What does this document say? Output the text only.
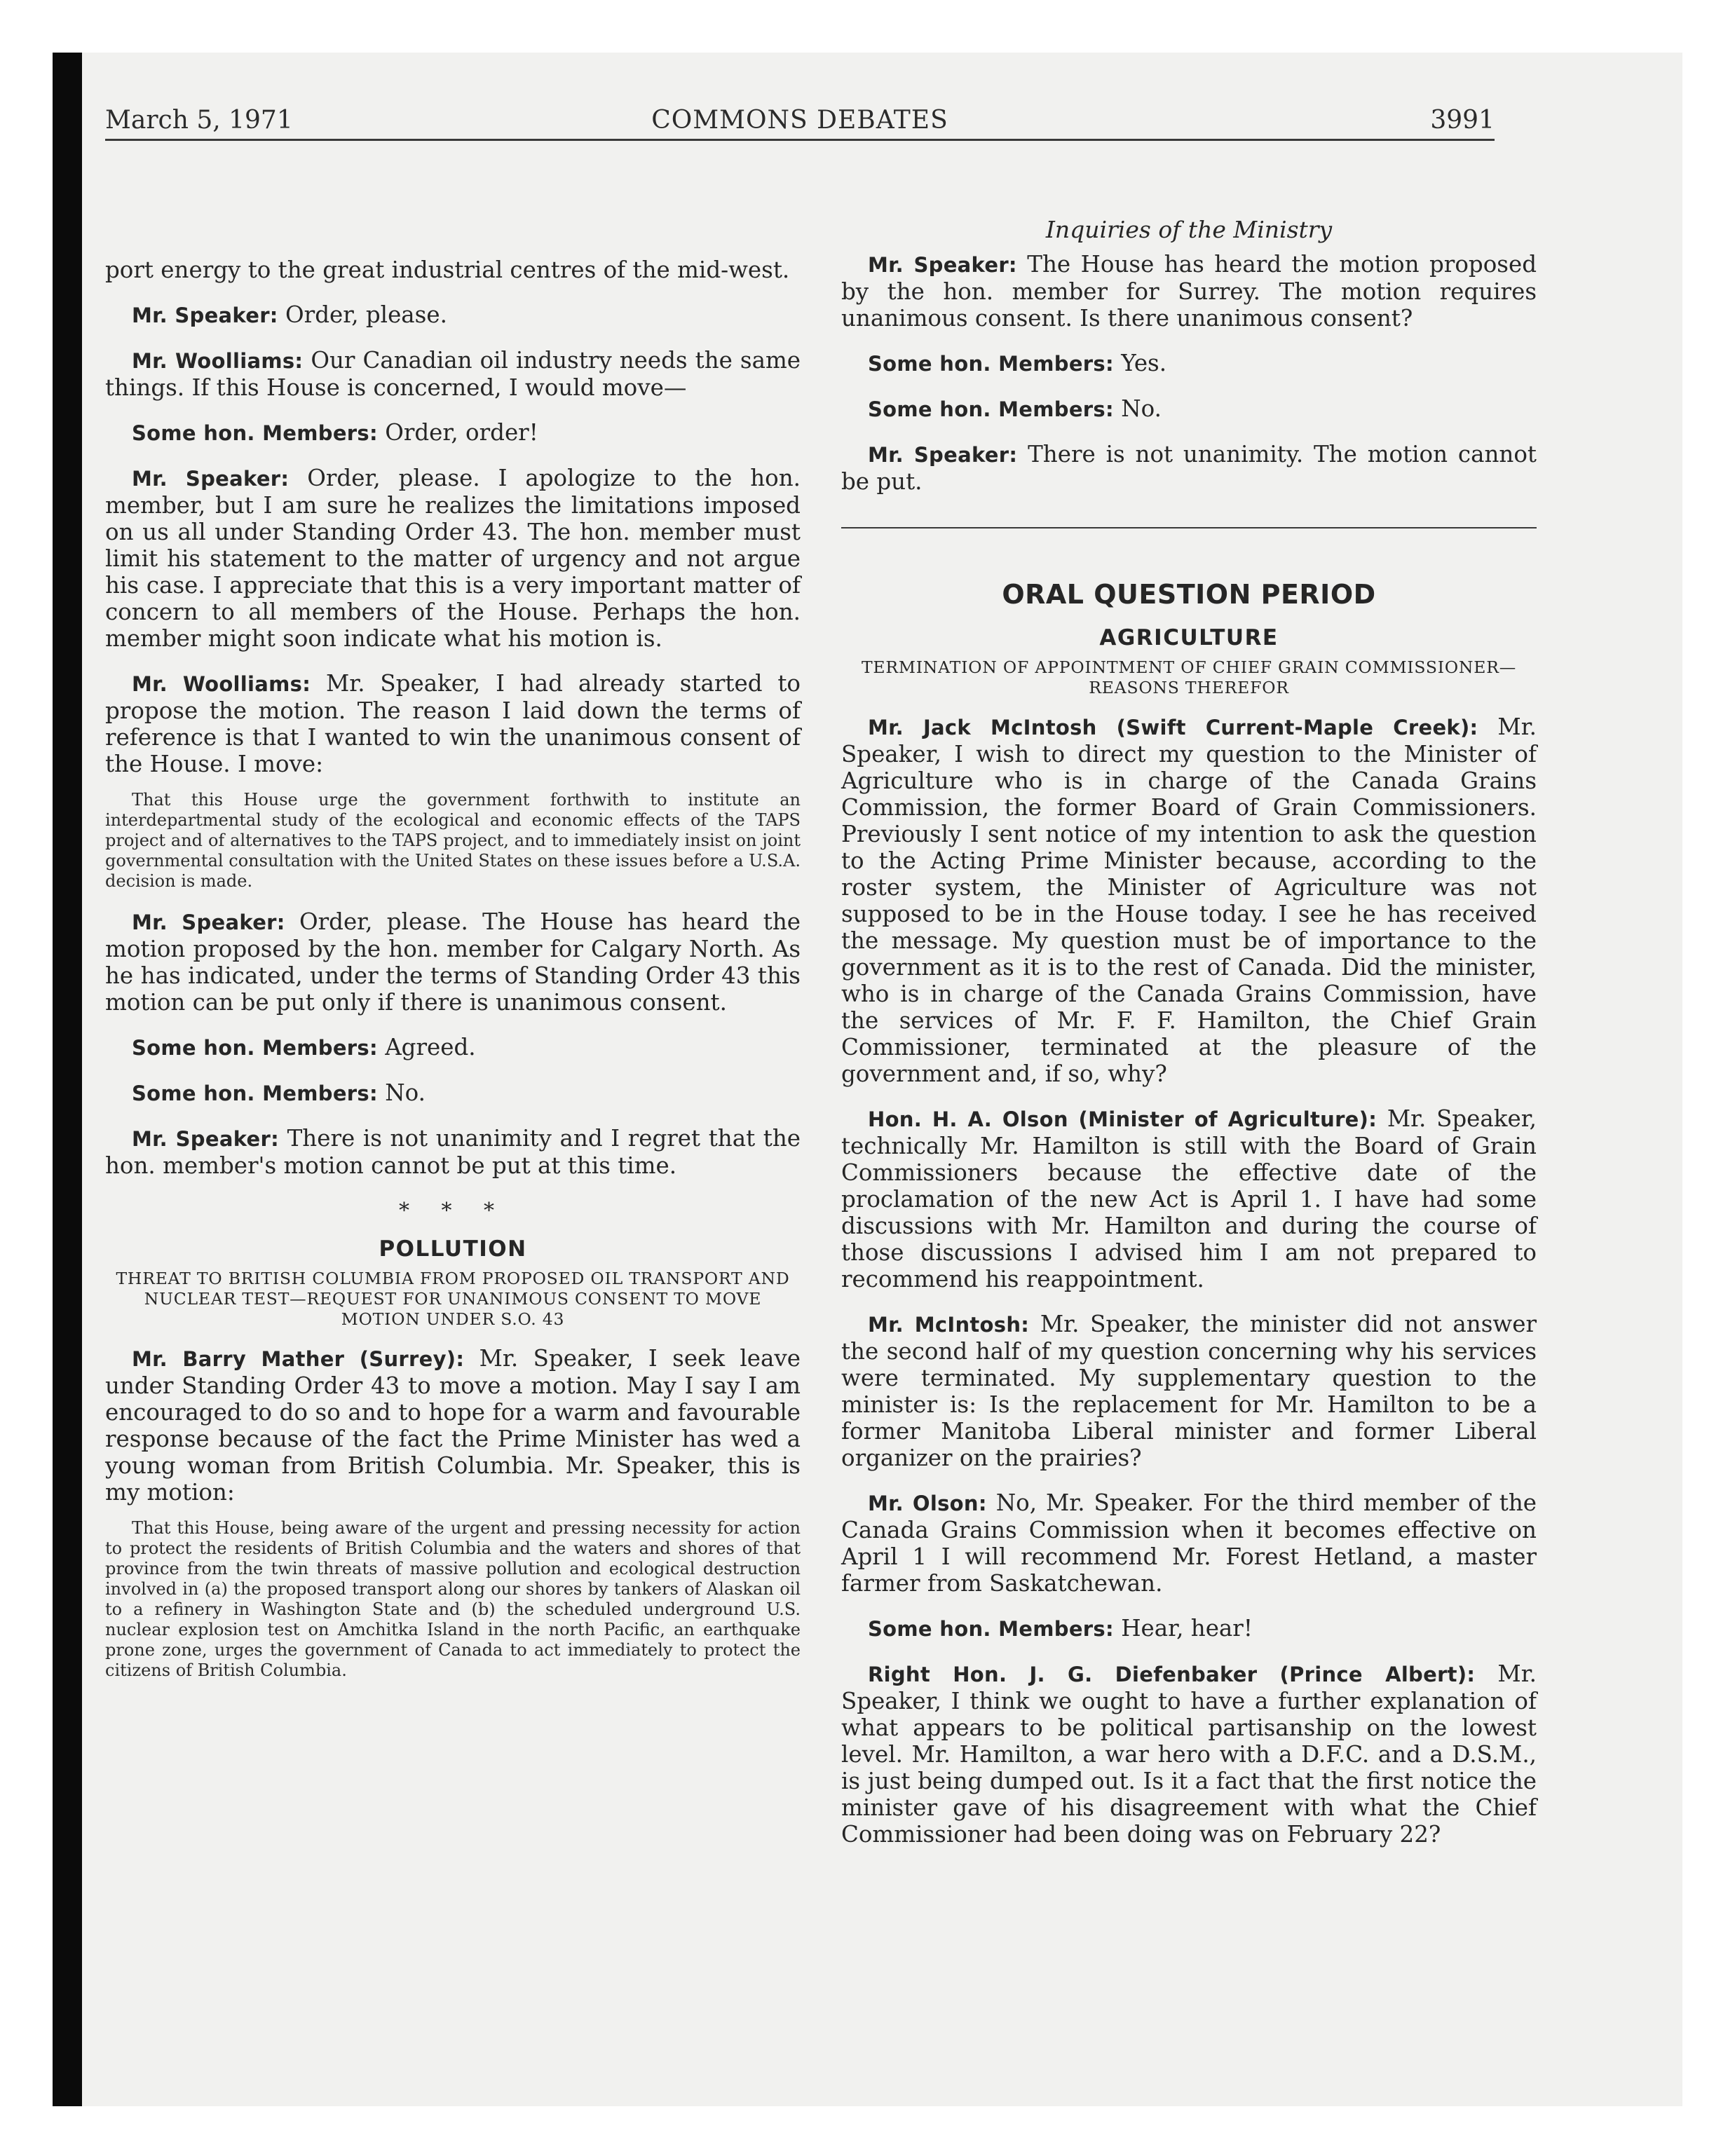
March 5, 1971	COMMONS DEBATES	3991

port energy to the great industrial centres of the mid-west.

Mr. Speaker: Order, please.

Mr. Woolliams: Our Canadian oil industry needs the same things. If this House is concerned, I would move—

Some hon. Members: Order, order!

Mr. Speaker: Order, please. I apologize to the hon. member, but I am sure he realizes the limitations imposed on us all under Standing Order 43. The hon. member must limit his statement to the matter of urgency and not argue his case. I appreciate that this is a very important matter of concern to all members of the House. Perhaps the hon. member might soon indicate what his motion is.

Mr. Woolliams: Mr. Speaker, I had already started to propose the motion. The reason I laid down the terms of reference is that I wanted to win the unanimous consent of the House. I move:

That this House urge the government forthwith to institute an interdepartmental study of the ecological and economic effects of the TAPS project and of alternatives to the TAPS project, and to immediately insist on joint governmental consultation with the United States on these issues before a U.S.A. decision is made.

Mr. Speaker: Order, please. The House has heard the motion proposed by the hon. member for Calgary North. As he has indicated, under the terms of Standing Order 43 this motion can be put only if there is unanimous consent.

Some hon. Members: Agreed.

Some hon. Members: No.

Mr. Speaker: There is not unanimity and I regret that the hon. member's motion cannot be put at this time.

* * *
POLLUTION
THREAT TO BRITISH COLUMBIA FROM PROPOSED OIL TRANSPORT AND NUCLEAR TEST—REQUEST FOR UNANIMOUS CONSENT TO MOVE MOTION UNDER S.O. 43

Mr. Barry Mather (Surrey): Mr. Speaker, I seek leave under Standing Order 43 to move a motion. May I say I am encouraged to do so and to hope for a warm and favourable response because of the fact the Prime Minister has wed a young woman from British Columbia. Mr. Speaker, this is my motion:

That this House, being aware of the urgent and pressing necessity for action to protect the residents of British Columbia and the waters and shores of that province from the twin threats of massive pollution and ecological destruction involved in (a) the proposed transport along our shores by tankers of Alaskan oil to a refinery in Washington State and (b) the scheduled underground U.S. nuclear explosion test on Amchitka Island in the north Pacific, an earthquake prone zone, urges the government of Canada to act immediately to protect the citizens of British Columbia.

Inquiries of the Ministry

Mr. Speaker: The House has heard the motion proposed by the hon. member for Surrey. The motion requires unanimous consent. Is there unanimous consent?

Some hon. Members: Yes.

Some hon. Members: No.

Mr. Speaker: There is not unanimity. The motion cannot be put.

ORAL QUESTION PERIOD
AGRICULTURE
TERMINATION OF APPOINTMENT OF CHIEF GRAIN COMMISSIONER—REASONS THEREFOR

Mr. Jack McIntosh (Swift Current-Maple Creek): Mr. Speaker, I wish to direct my question to the Minister of Agriculture who is in charge of the Canada Grains Commission, the former Board of Grain Commissioners. Previously I sent notice of my intention to ask the question to the Acting Prime Minister because, according to the roster system, the Minister of Agriculture was not supposed to be in the House today. I see he has received the message. My question must be of importance to the government as it is to the rest of Canada. Did the minister, who is in charge of the Canada Grains Commission, have the services of Mr. F. F. Hamilton, the Chief Grain Commissioner, terminated at the pleasure of the government and, if so, why?

Hon. H. A. Olson (Minister of Agriculture): Mr. Speaker, technically Mr. Hamilton is still with the Board of Grain Commissioners because the effective date of the proclamation of the new Act is April 1. I have had some discussions with Mr. Hamilton and during the course of those discussions I advised him I am not prepared to recommend his reappointment.

Mr. McIntosh: Mr. Speaker, the minister did not answer the second half of my question concerning why his services were terminated. My supplementary question to the minister is: Is the replacement for Mr. Hamilton to be a former Manitoba Liberal minister and former Liberal organizer on the prairies?

Mr. Olson: No, Mr. Speaker. For the third member of the Canada Grains Commission when it becomes effective on April 1 I will recommend Mr. Forest Hetland, a master farmer from Saskatchewan.

Some hon. Members: Hear, hear!

Right Hon. J. G. Diefenbaker (Prince Albert): Mr. Speaker, I think we ought to have a further explanation of what appears to be political partisanship on the lowest level. Mr. Hamilton, a war hero with a D.F.C. and a D.S.M., is just being dumped out. Is it a fact that the first notice the minister gave of his disagreement with what the Chief Commissioner had been doing was on February 22?
